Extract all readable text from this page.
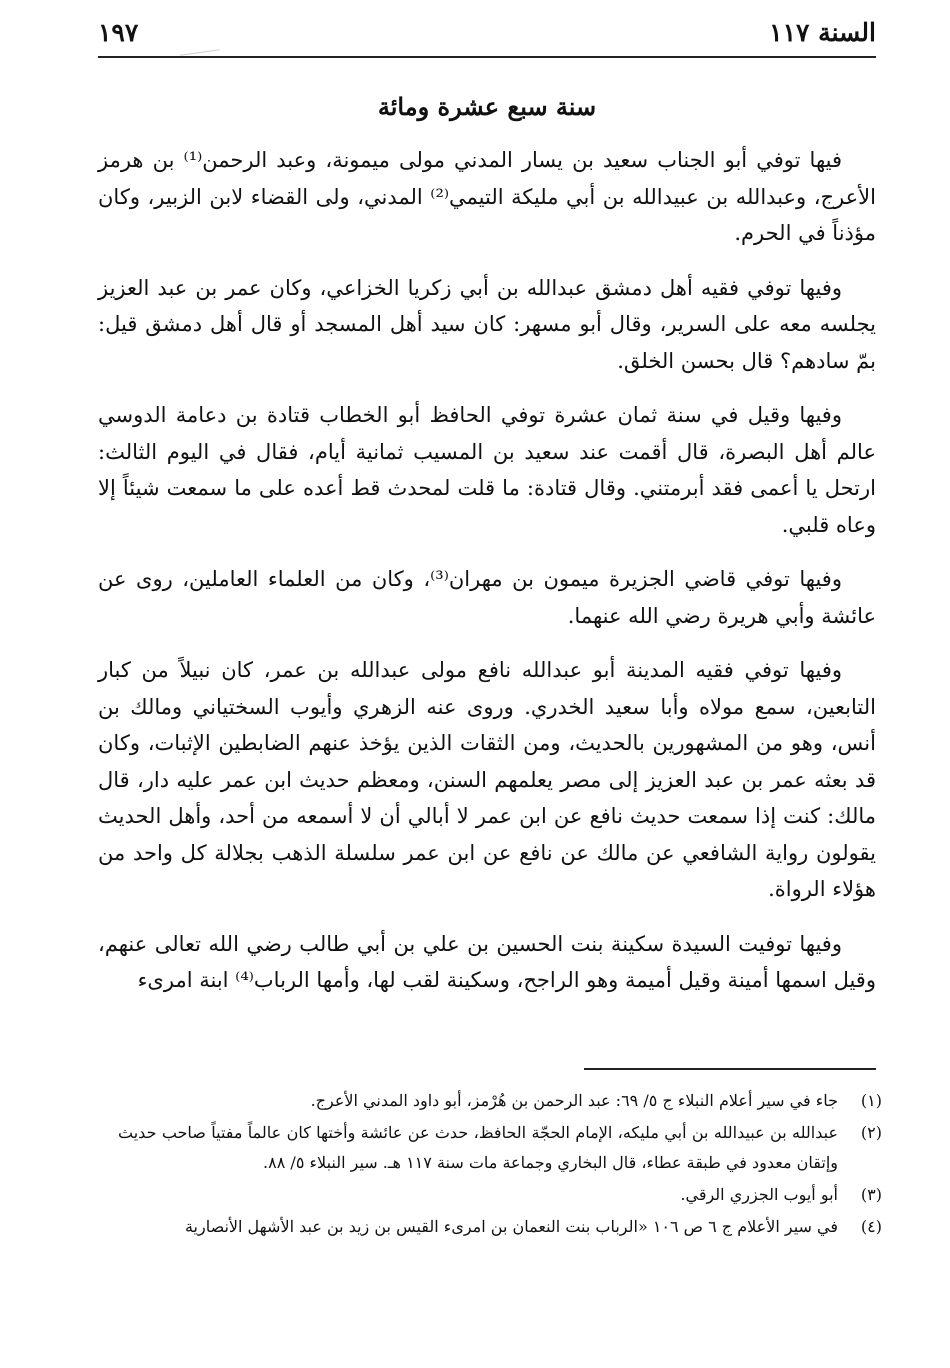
السنة ١١٧
١٩٧
سنة سبع عشرة ومائة

فيها توفي أبو الجناب سعيد بن يسار المدني مولى ميمونة، وعبد الرحمن⁽¹⁾ بن هرمز الأعرج، وعبدالله بن عبيدالله بن أبي مليكة التيمي⁽²⁾ المدني، ولى القضاء لابن الزبير، وكان مؤذناً في الحرم.

وفيها توفي فقيه أهل دمشق عبدالله بن أبي زكريا الخزاعي، وكان عمر بن عبد العزيز يجلسه معه على السرير، وقال أبو مسهر: كان سيد أهل المسجد أو قال أهل دمشق قيل: بمّ سادهم؟ قال بحسن الخلق.

وفيها وقيل في سنة ثمان عشرة توفي الحافظ أبو الخطاب قتادة بن دعامة الدوسي عالم أهل البصرة، قال أقمت عند سعيد بن المسيب ثمانية أيام، فقال في اليوم الثالث: ارتحل يا أعمى فقد أبرمتني. وقال قتادة: ما قلت لمحدث قط أعده على ما سمعت شيئاً إلا وعاه قلبي.

وفيها توفي قاضي الجزيرة ميمون بن مهران⁽³⁾، وكان من العلماء العاملين، روى عن عائشة وأبي هريرة رضي الله عنهما.

وفيها توفي فقيه المدينة أبو عبدالله نافع مولى عبدالله بن عمر، كان نبيلاً من كبار التابعين، سمع مولاه وأبا سعيد الخدري. وروى عنه الزهري وأيوب السختياني ومالك بن أنس، وهو من المشهورين بالحديث، ومن الثقات الذين يؤخذ عنهم الضابطين الإثبات، وكان قد بعثه عمر بن عبد العزيز إلى مصر يعلمهم السنن، ومعظم حديث ابن عمر عليه دار، قال مالك: كنت إذا سمعت حديث نافع عن ابن عمر لا أبالي أن لا أسمعه من أحد، وأهل الحديث يقولون رواية الشافعي عن مالك عن نافع عن ابن عمر سلسلة الذهب بجلالة كل واحد من هؤلاء الرواة.

وفيها توفيت السيدة سكينة بنت الحسين بن علي بن أبي طالب رضي الله تعالى عنهم، وقيل اسمها أمينة وقيل أميمة وهو الراجح، وسكينة لقب لها، وأمها الرباب⁽⁴⁾ ابنة امرىء

(١)
جاء في سير أعلام النبلاء ج ٥/ ٦٩: عبد الرحمن بن هُرْمز، أبو داود المدني الأعرج.
(٢)
عبدالله بن عبيدالله بن أبي مليكه، الإمام الحجّة الحافظ، حدث عن عائشة وأختها كان عالماً مفتياً صاحب حديث وإتقان معدود في طبقة عطاء، قال البخاري وجماعة مات سنة ١١٧ هـ. سير النبلاء ٥/ ٨٨.
(٣)
أبو أيوب الجزري الرقي.
(٤)
في سير الأعلام ج ٦ ص ١٠٦ «الرباب بنت النعمان بن امرىء القيس بن زيد بن عبد الأشهل الأنصارية
